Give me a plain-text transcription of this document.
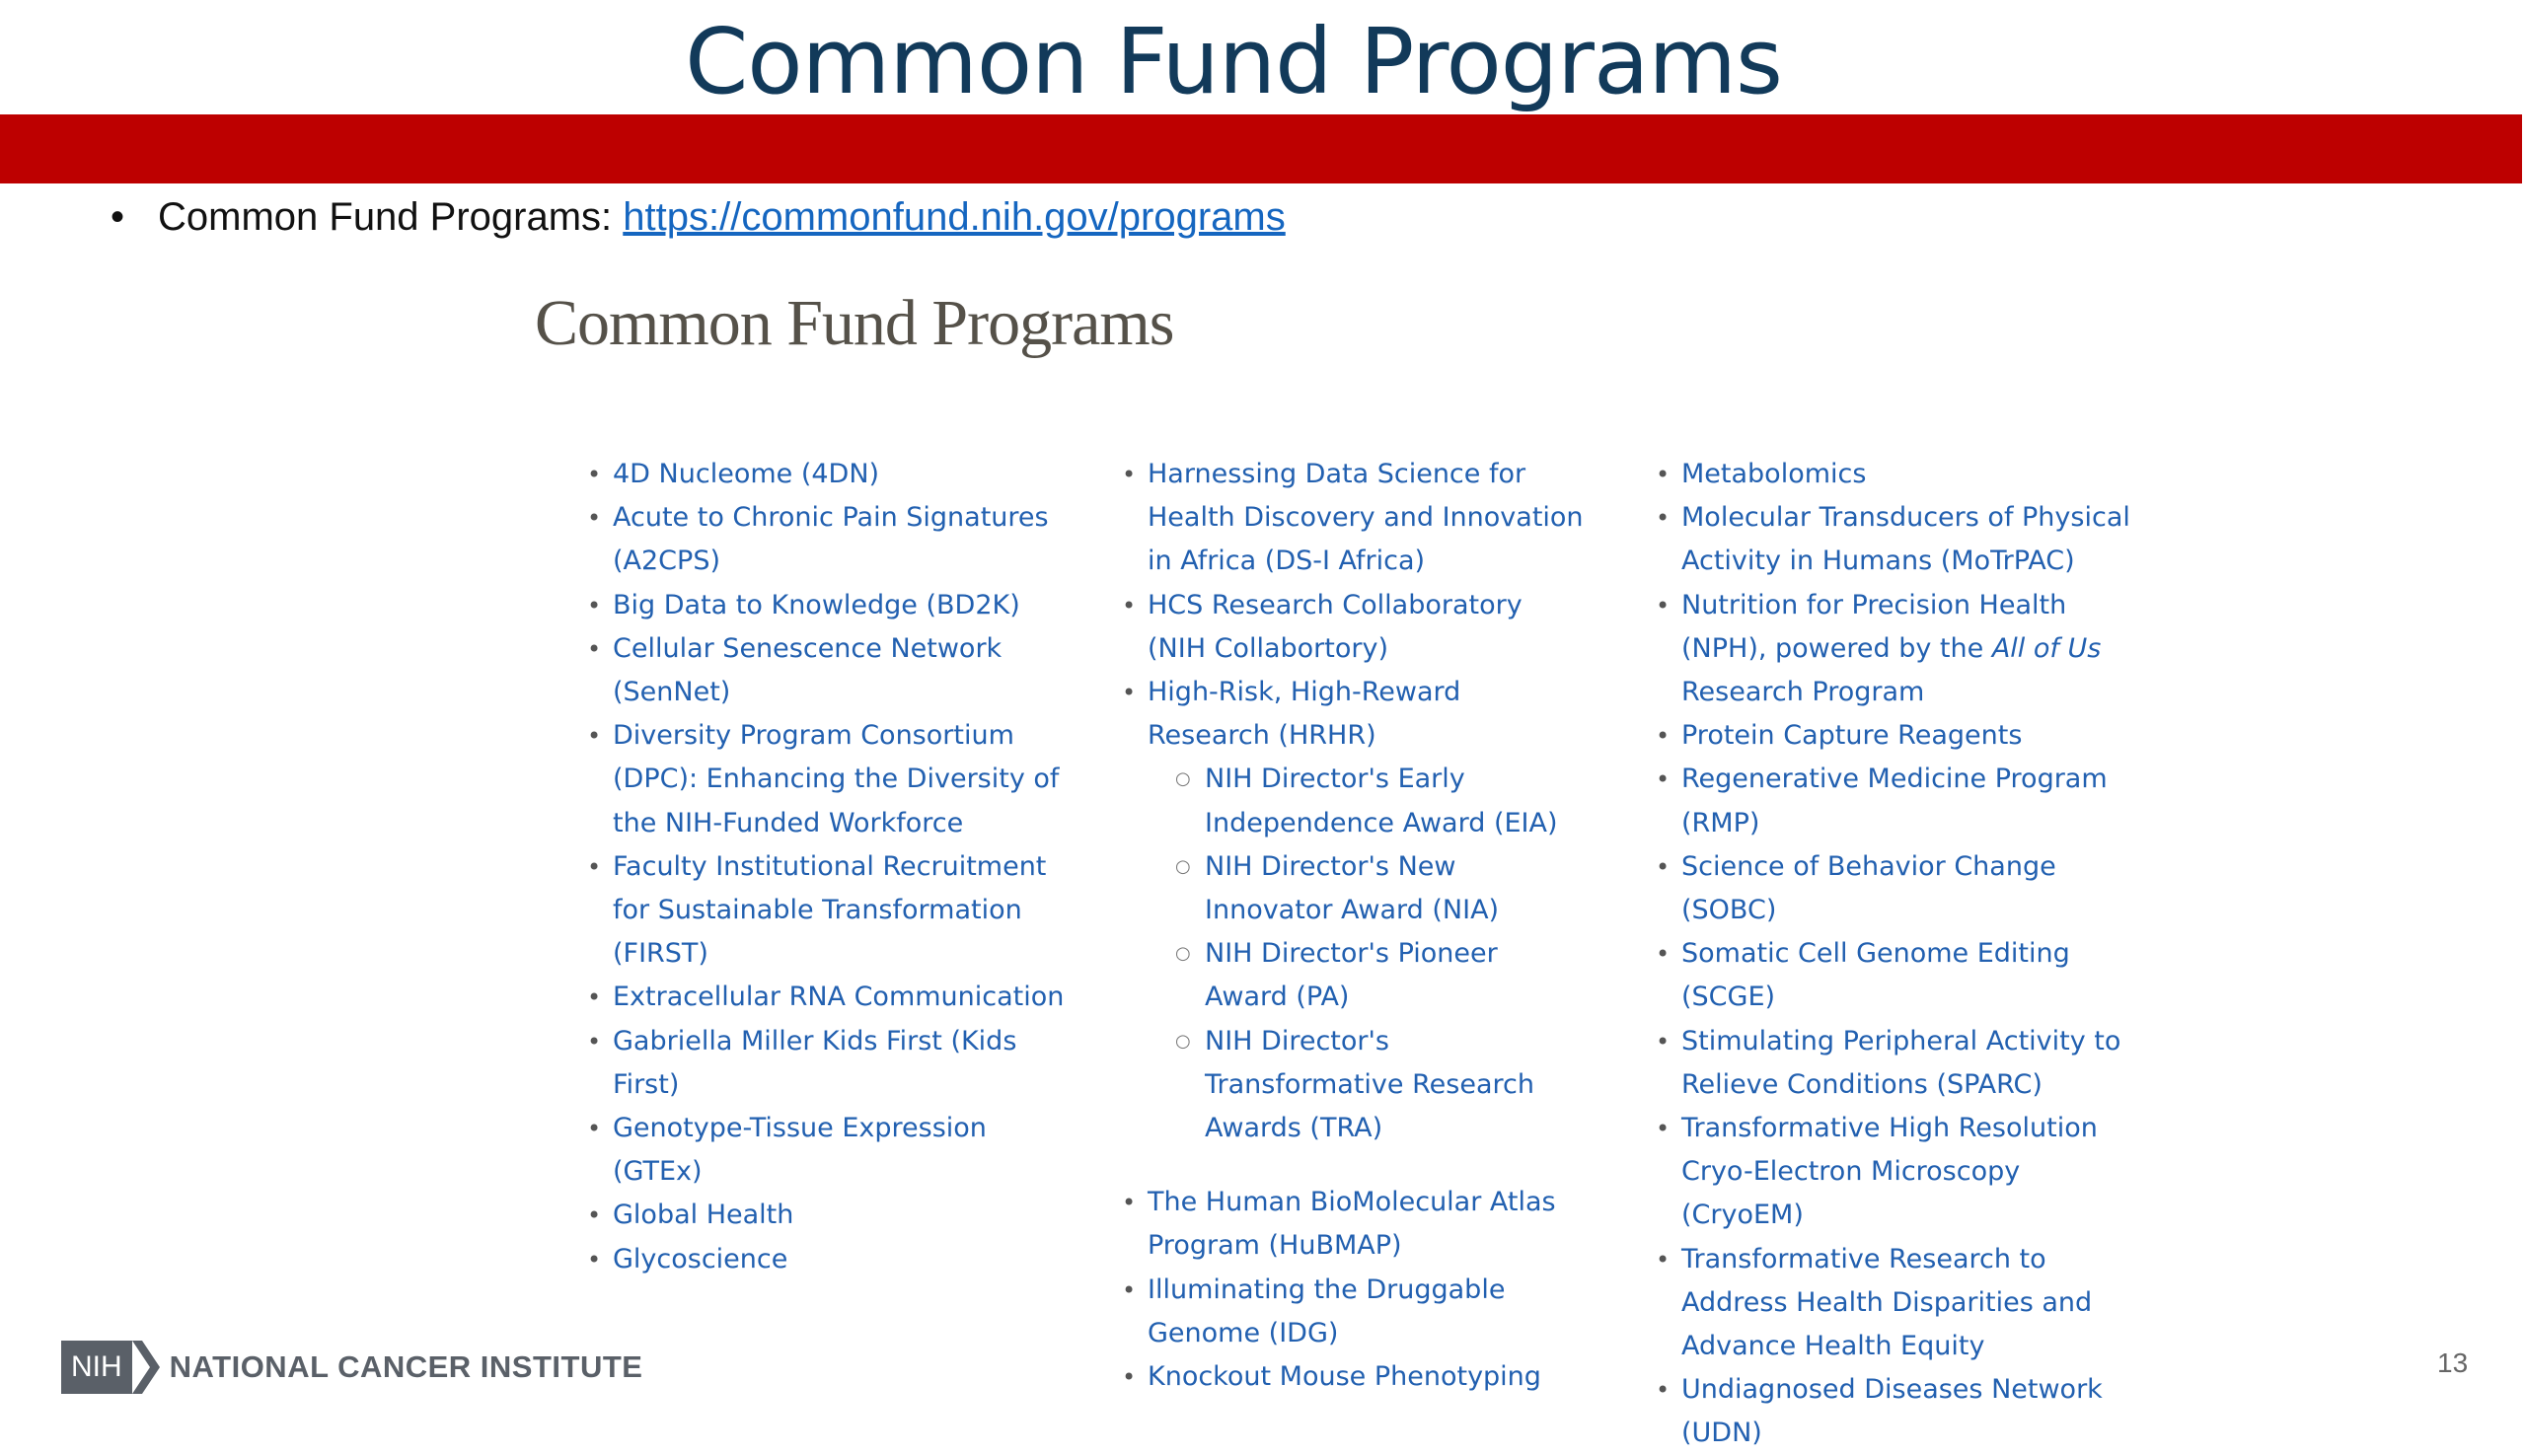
Common Fund Programs
• Common Fund Programs: https://commonfund.nih.gov/programs
Common Fund Programs
• 4D Nucleome (4DN)
• Acute to Chronic Pain Signatures (A2CPS)
• Big Data to Knowledge (BD2K)
• Cellular Senescence Network (SenNet)
• Diversity Program Consortium (DPC): Enhancing the Diversity of the NIH-Funded Workforce
• Faculty Institutional Recruitment for Sustainable Transformation (FIRST)
• Extracellular RNA Communication
• Gabriella Miller Kids First (Kids First)
• Genotype-Tissue Expression (GTEx)
• Global Health
• Glycoscience
• Harnessing Data Science for Health Discovery and Innovation in Africa (DS-I Africa)
• HCS Research Collaboratory (NIH Collabortory)
• High-Risk, High-Reward Research (HRHR)
○ NIH Director's Early Independence Award (EIA)
○ NIH Director's New Innovator Award (NIA)
○ NIH Director's Pioneer Award (PA)
○ NIH Director's Transformative Research Awards (TRA)
• The Human BioMolecular Atlas Program (HuBMAP)
• Illuminating the Druggable Genome (IDG)
• Knockout Mouse Phenotyping
• Metabolomics
• Molecular Transducers of Physical Activity in Humans (MoTrPAC)
• Nutrition for Precision Health (NPH), powered by the All of Us Research Program
• Protein Capture Reagents
• Regenerative Medicine Program (RMP)
• Science of Behavior Change (SOBC)
• Somatic Cell Genome Editing (SCGE)
• Stimulating Peripheral Activity to Relieve Conditions (SPARC)
• Transformative High Resolution Cryo-Electron Microscopy (CryoEM)
• Transformative Research to Address Health Disparities and Advance Health Equity
• Undiagnosed Diseases Network (UDN)
NIH	NATIONAL CANCER INSTITUTE	13
